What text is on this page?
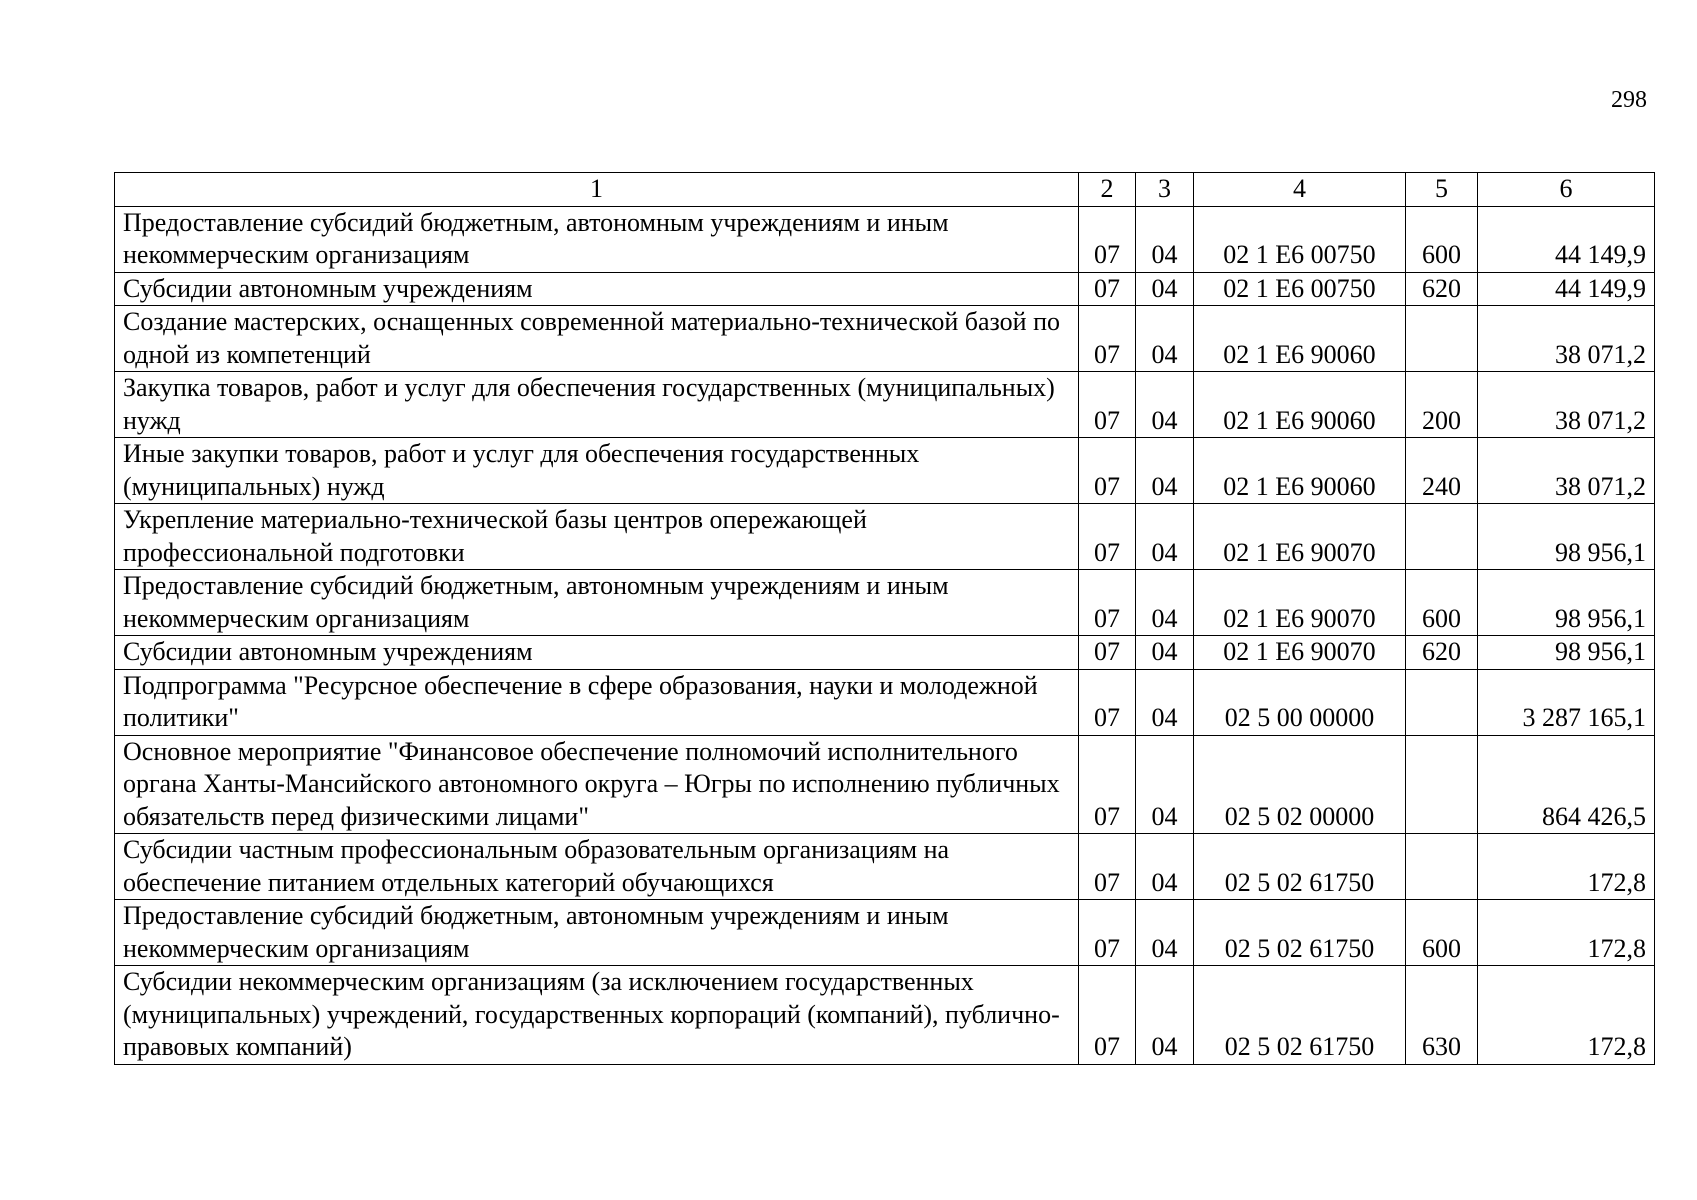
298
1	2	3	4	5	6
Предоставление субсидий бюджетным, автономным учреждениям и иным некоммерческим организациям	07	04	02 1 E6 00750	600	44 149,9
Субсидии автономным учреждениям	07	04	02 1 E6 00750	620	44 149,9
Создание мастерских, оснащенных современной материально-технической базой по одной из компетенций	07	04	02 1 E6 90060		38 071,2
Закупка товаров, работ и услуг для обеспечения государственных (муниципальных) нужд	07	04	02 1 E6 90060	200	38 071,2
Иные закупки товаров, работ и услуг для обеспечения государственных (муниципальных) нужд	07	04	02 1 E6 90060	240	38 071,2
Укрепление материально-технической базы центров опережающей профессиональной подготовки	07	04	02 1 E6 90070		98 956,1
Предоставление субсидий бюджетным, автономным учреждениям и иным некоммерческим организациям	07	04	02 1 E6 90070	600	98 956,1
Субсидии автономным учреждениям	07	04	02 1 E6 90070	620	98 956,1
Подпрограмма "Ресурсное обеспечение в сфере образования, науки и молодежной политики"	07	04	02 5 00 00000		3 287 165,1
Основное мероприятие "Финансовое обеспечение полномочий исполнительного органа Ханты-Мансийского автономного округа – Югры по исполнению публичных обязательств перед физическими лицами"	07	04	02 5 02 00000		864 426,5
Субсидии частным профессиональным образовательным организациям на обеспечение питанием отдельных категорий обучающихся	07	04	02 5 02 61750		172,8
Предоставление субсидий бюджетным, автономным учреждениям и иным некоммерческим организациям	07	04	02 5 02 61750	600	172,8
Субсидии некоммерческим организациям (за исключением государственных (муниципальных) учреждений, государственных корпораций (компаний), публично-правовых компаний)	07	04	02 5 02 61750	630	172,8
